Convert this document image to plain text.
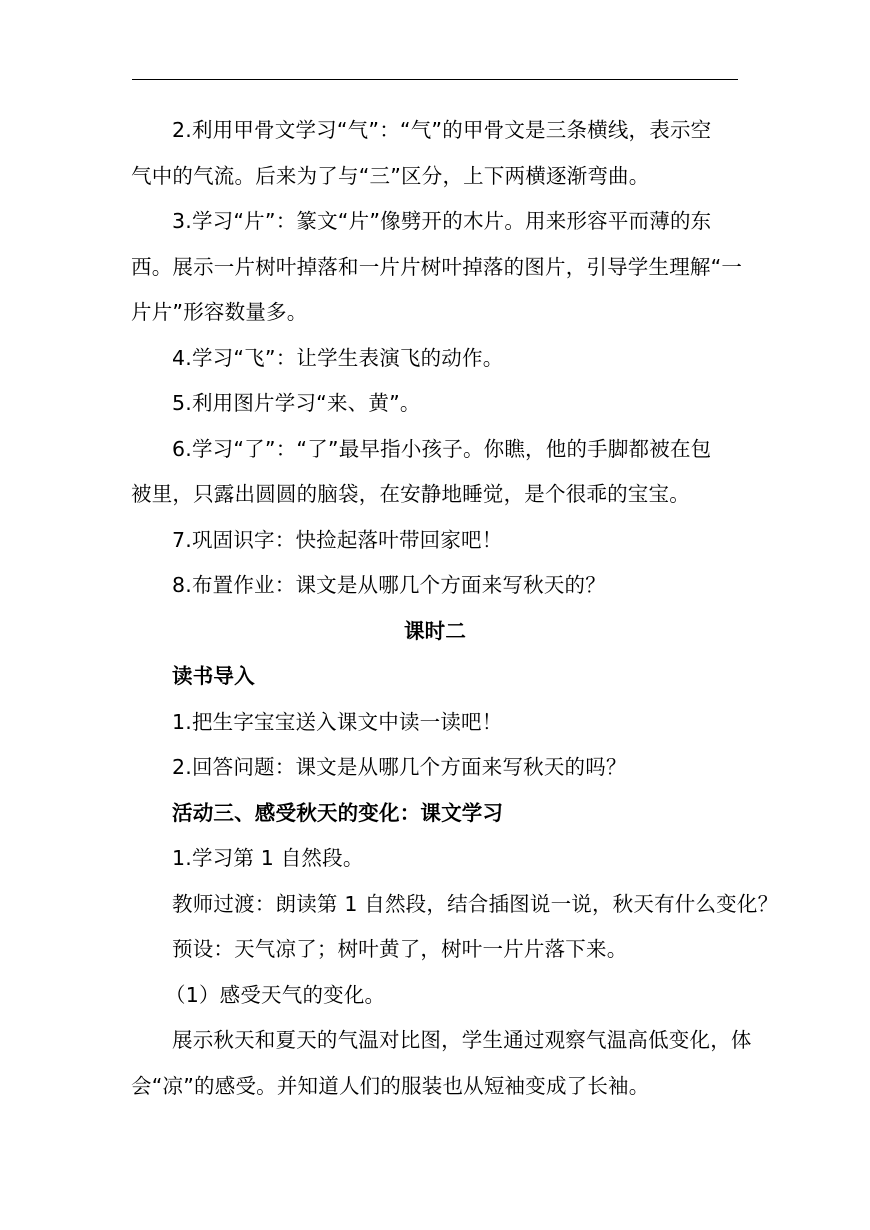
2.利用甲骨文学习“气”：“气”的甲骨文是三条横线，表示空
气中的气流。后来为了与“三”区分，上下两横逐渐弯曲。

3.学习“片”：篆文“片”像劈开的木片。用来形容平而薄的东
西。展示一片树叶掉落和一片片树叶掉落的图片，引导学生理解“一
片片”形容数量多。

4.学习“飞”：让学生表演飞的动作。

5.利用图片学习“来、黄”。

6.学习“了”：“了”最早指小孩子。你瞧，他的手脚都被在包
被里，只露出圆圆的脑袋，在安静地睡觉，是个很乖的宝宝。

7.巩固识字：快捡起落叶带回家吧！

8.布置作业：课文是从哪几个方面来写秋天的？

课时二

读书导入

1.把生字宝宝送入课文中读一读吧！

2.回答问题：课文是从哪几个方面来写秋天的吗？

活动三、感受秋天的变化：课文学习

1.学习第 1 自然段。

教师过渡：朗读第 1 自然段，结合插图说一说，秋天有什么变化？

预设：天气凉了；树叶黄了，树叶一片片落下来。

（1）感受天气的变化。

展示秋天和夏天的气温对比图，学生通过观察气温高低变化，体
会“凉”的感受。并知道人们的服装也从短袖变成了长袖。
